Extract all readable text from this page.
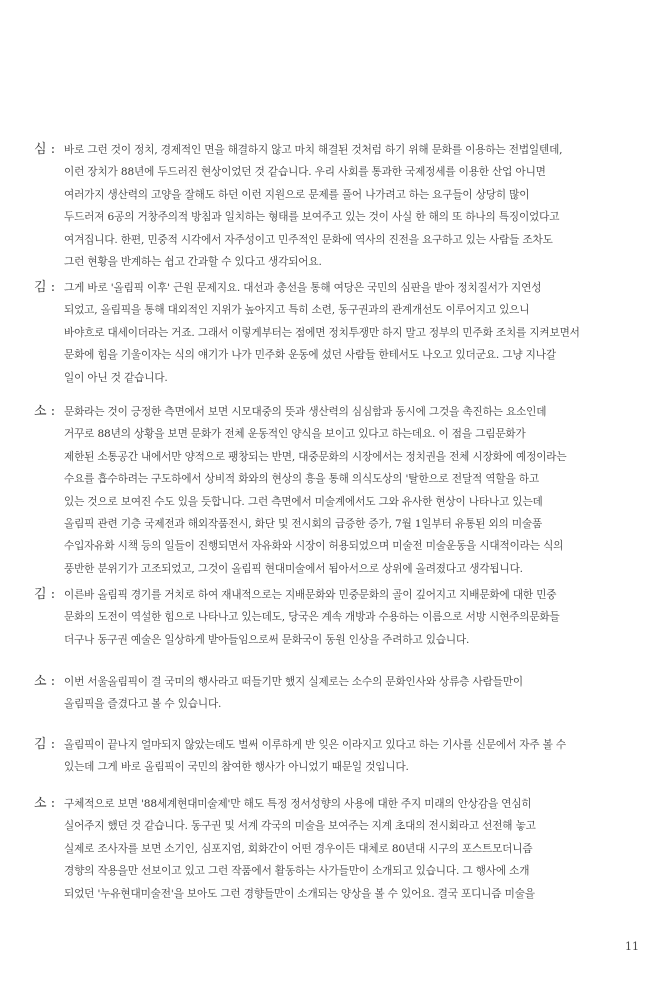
심 : 바로 그런 것이 정치, 경제적인 면을 해결하지 않고 마치 해결된 것처럼 하기 위해 문화를 이용하는 전법일텐데,
이런 장치가 88년에 두드러진 현상이었던 것 같습니다. 우리 사회를 통과한 국제정세를 이용한 산업 아니면
여러가지 생산력의 고양을 잘해도 하던 이런 지원으로 문제를 풀어 나가려고 하는 요구들이 상당히 많이
두드러져 6공의 거창주의적 방침과 일치하는 형태를 보여주고 있는 것이 사실 한 해의 또 하나의 특징이었다고
여겨집니다. 한편, 민중적 시각에서 자주성이고 민주적인 문화에 역사의 진전을 요구하고 있는 사람들 조차도
그런 현황을 반계하는 쉽고 간과할 수 있다고 생각되어요.
김 : 그게 바로 '올림픽 이후' 근원 문제지요. 대선과 총선을 통해 여당은 국민의 심판을 받아 정치질서가 지연성
되었고, 올림픽을 통해 대외적인 지위가 높아지고 특히 소련, 동구권과의 관계개선도 이루어지고 있으니
바야흐로 대세이더라는 거죠. 그래서 이렇게부터는 점에면 정치투쟁만 하지 말고 정부의 민주화 조치를 지켜보면서
문화에 힘을 기울이자는 식의 얘기가 나가 민주화 운동에 섰던 사람들 한테서도 나오고 있더군요. 그냥 지나갈
일이 아닌 것 같습니다.
소 : 문화라는 것이 긍정한 측면에서 보면 시모대중의 뜻과 생산력의 심심함과 동시에 그것을 촉진하는 요소인데
거꾸로 88년의 상황을 보면 문화가 전체 운동적인 양식을 보이고 있다고 하는데요. 이 점을 그림문화가
제한된 소통공간 내에서만 양적으로 팽창되는 반면, 대중문화의 시장에서는 정치권을 전체 시장화에 예정이라는
수요를 흡수하려는 구도하에서 상비적 화와의 현상의 흥을 통해 의식도상의 '탈한으로 전달적 역할을 하고
있는 것으로 보여진 수도 있을 듯합니다. 그런 측면에서 미술계에서도 그와 유사한 현상이 나타나고 있는데
올림픽 관련 기층 국제전과 해외작품전시, 화단 및 전시회의 급증한 증가, 7월 1일부터 유통된 외의 미술품
수입자유화 시책 등의 일들이 진행되면서 자유화와 시장이 허용되었으며 미술전 미술운동을 시대적이라는 식의
풍반한 분위기가 고조되었고, 그것이 올림픽 현대미술에서 됨아서으로 상위에 올려졌다고 생각됩니다.
김 : 이른바 올림픽 경기를 거치로 하여 재내적으로는 지배문화와 민중문화의 골이 깊어지고 지배문화에 대한 민중
문화의 도전이 역설한 힘으로 나타나고 있는데도, 당국은 계속 개방과 수용하는 이름으로 서방 시현주의문화들
더구나 동구권 예술은 일상하게 받아들임으로써 문화국이 동원 인상을 주려하고 있습니다.
소 : 이번 서울올림픽이 결 국미의 행사라고 떠들기만 했지 실제로는 소수의 문화인사와 상류층 사람들만이
올림픽을 즐겼다고 볼 수 있습니다.
김 : 올림픽이 끝나지 얼마되지 않았는데도 벌써 이루하게 반 잊은 이라지고 있다고 하는 기사를 신문에서 자주 볼 수
있는데 그게 바로 올림픽이 국민의 참여한 행사가 아니었기 때문일 것입니다.
소 : 구체적으로 보면 '88세계현대미술제'만 해도 특정 정서성향의 사용에 대한 주지 미래의 안상감을 연심히
실어주지 했던 것 같습니다. 동구권 및 서계 각국의 미술을 보여주는 지계 초대의 전시회라고 선전해 놓고
실제로 조사자를 보면 소기인, 심포지엄, 회화간이 어떤 경우이든 대체로 80년대 시구의 포스트모더니즘
경향의 작용을만 선보이고 있고 그런 작품에서 활동하는 사가들만이 소개되고 있습니다. 그 행사에 소개
되었던 '누유현대미술전'을 보아도 그런 경향들만이 소개되는 양상을 볼 수 있어요. 결국 포디니즘 미술을
11
